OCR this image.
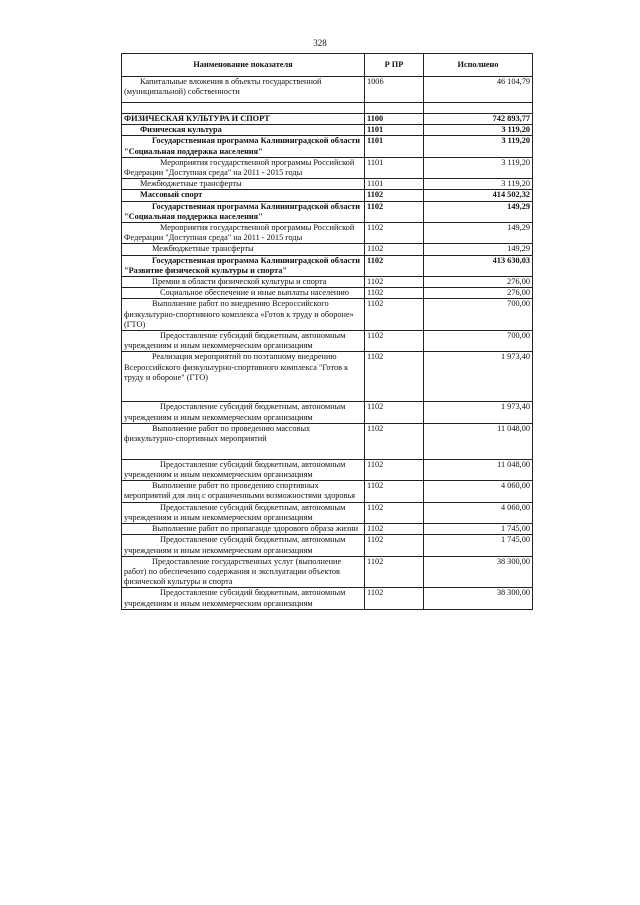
328
Наименование показателя	Р ПР	Исполнено
Капитальные вложения в объекты государственной (муниципальной) собственности	1006	46 104,79

ФИЗИЧЕСКАЯ КУЛЬТУРА И СПОРТ	1100	742 893,77
Физическая культура	1101	3 119,20
Государственная программа Калининградской области "Социальная поддержка населения"	1101	3 119,20
Мероприятия государственной программы Российской Федерации "Доступная среда" на 2011 - 2015 годы	1101	3 119,20
Межбюджетные трансферты	1101	3 119,20
Массовый спорт	1102	414 502,32
Государственная программа Калининградской области "Социальная поддержка населения"	1102	149,29
Мероприятия государственной программы Российской Федерации "Доступная среда" на 2011 - 2015 годы	1102	149,29
Межбюджетные трансферты	1102	149,29
Государственная программа Калининградской области "Развитие физической культуры и спорта"	1102	413 630,03
Премии в области физической культуры и спорта	1102	276,00
Социальное обеспечение и иные выплаты населению	1102	276,00
Выполнение работ по внедрению Всероссийского физкультурно-спортивного комплекса «Готов к труду и обороне» (ГТО)	1102	700,00
Предоставление субсидий бюджетным, автономным учреждениям и иным некоммерческим организациям	1102	700,00
Реализация мероприятий по поэтапному внедрению Всероссийского физкультурно-спортивного комплекса "Готов к труду и обороне" (ГТО)	1102	1 973,40
Предоставление субсидий бюджетным, автономным учреждениям и иным некоммерческим организациям	1102	1 973,40
Выполнение работ по проведению массовых физкультурно-спортивных мероприятий	1102	11 048,00
Предоставление субсидий бюджетным, автономным учреждениям и иным некоммерческим организациям	1102	11 048,00
Выполнение работ по проведению спортивных мероприятий для лиц с ограниченными возможностями здоровья	1102	4 060,00
Предоставление субсидий бюджетным, автономным учреждениям и иным некоммерческим организациям	1102	4 060,00
Выполнение работ по пропаганде здорового образа жизни	1102	1 745,00
Предоставление субсидий бюджетным, автономным учреждениям и иным некоммерческим организациям	1102	1 745,00
Предоставление государственных услуг (выполнение работ) по обеспечению содержания и эксплуатации объектов физической культуры и спорта	1102	38 300,00
Предоставление субсидий бюджетным, автономным учреждениям и иным некоммерческим организациям	1102	38 300,00
